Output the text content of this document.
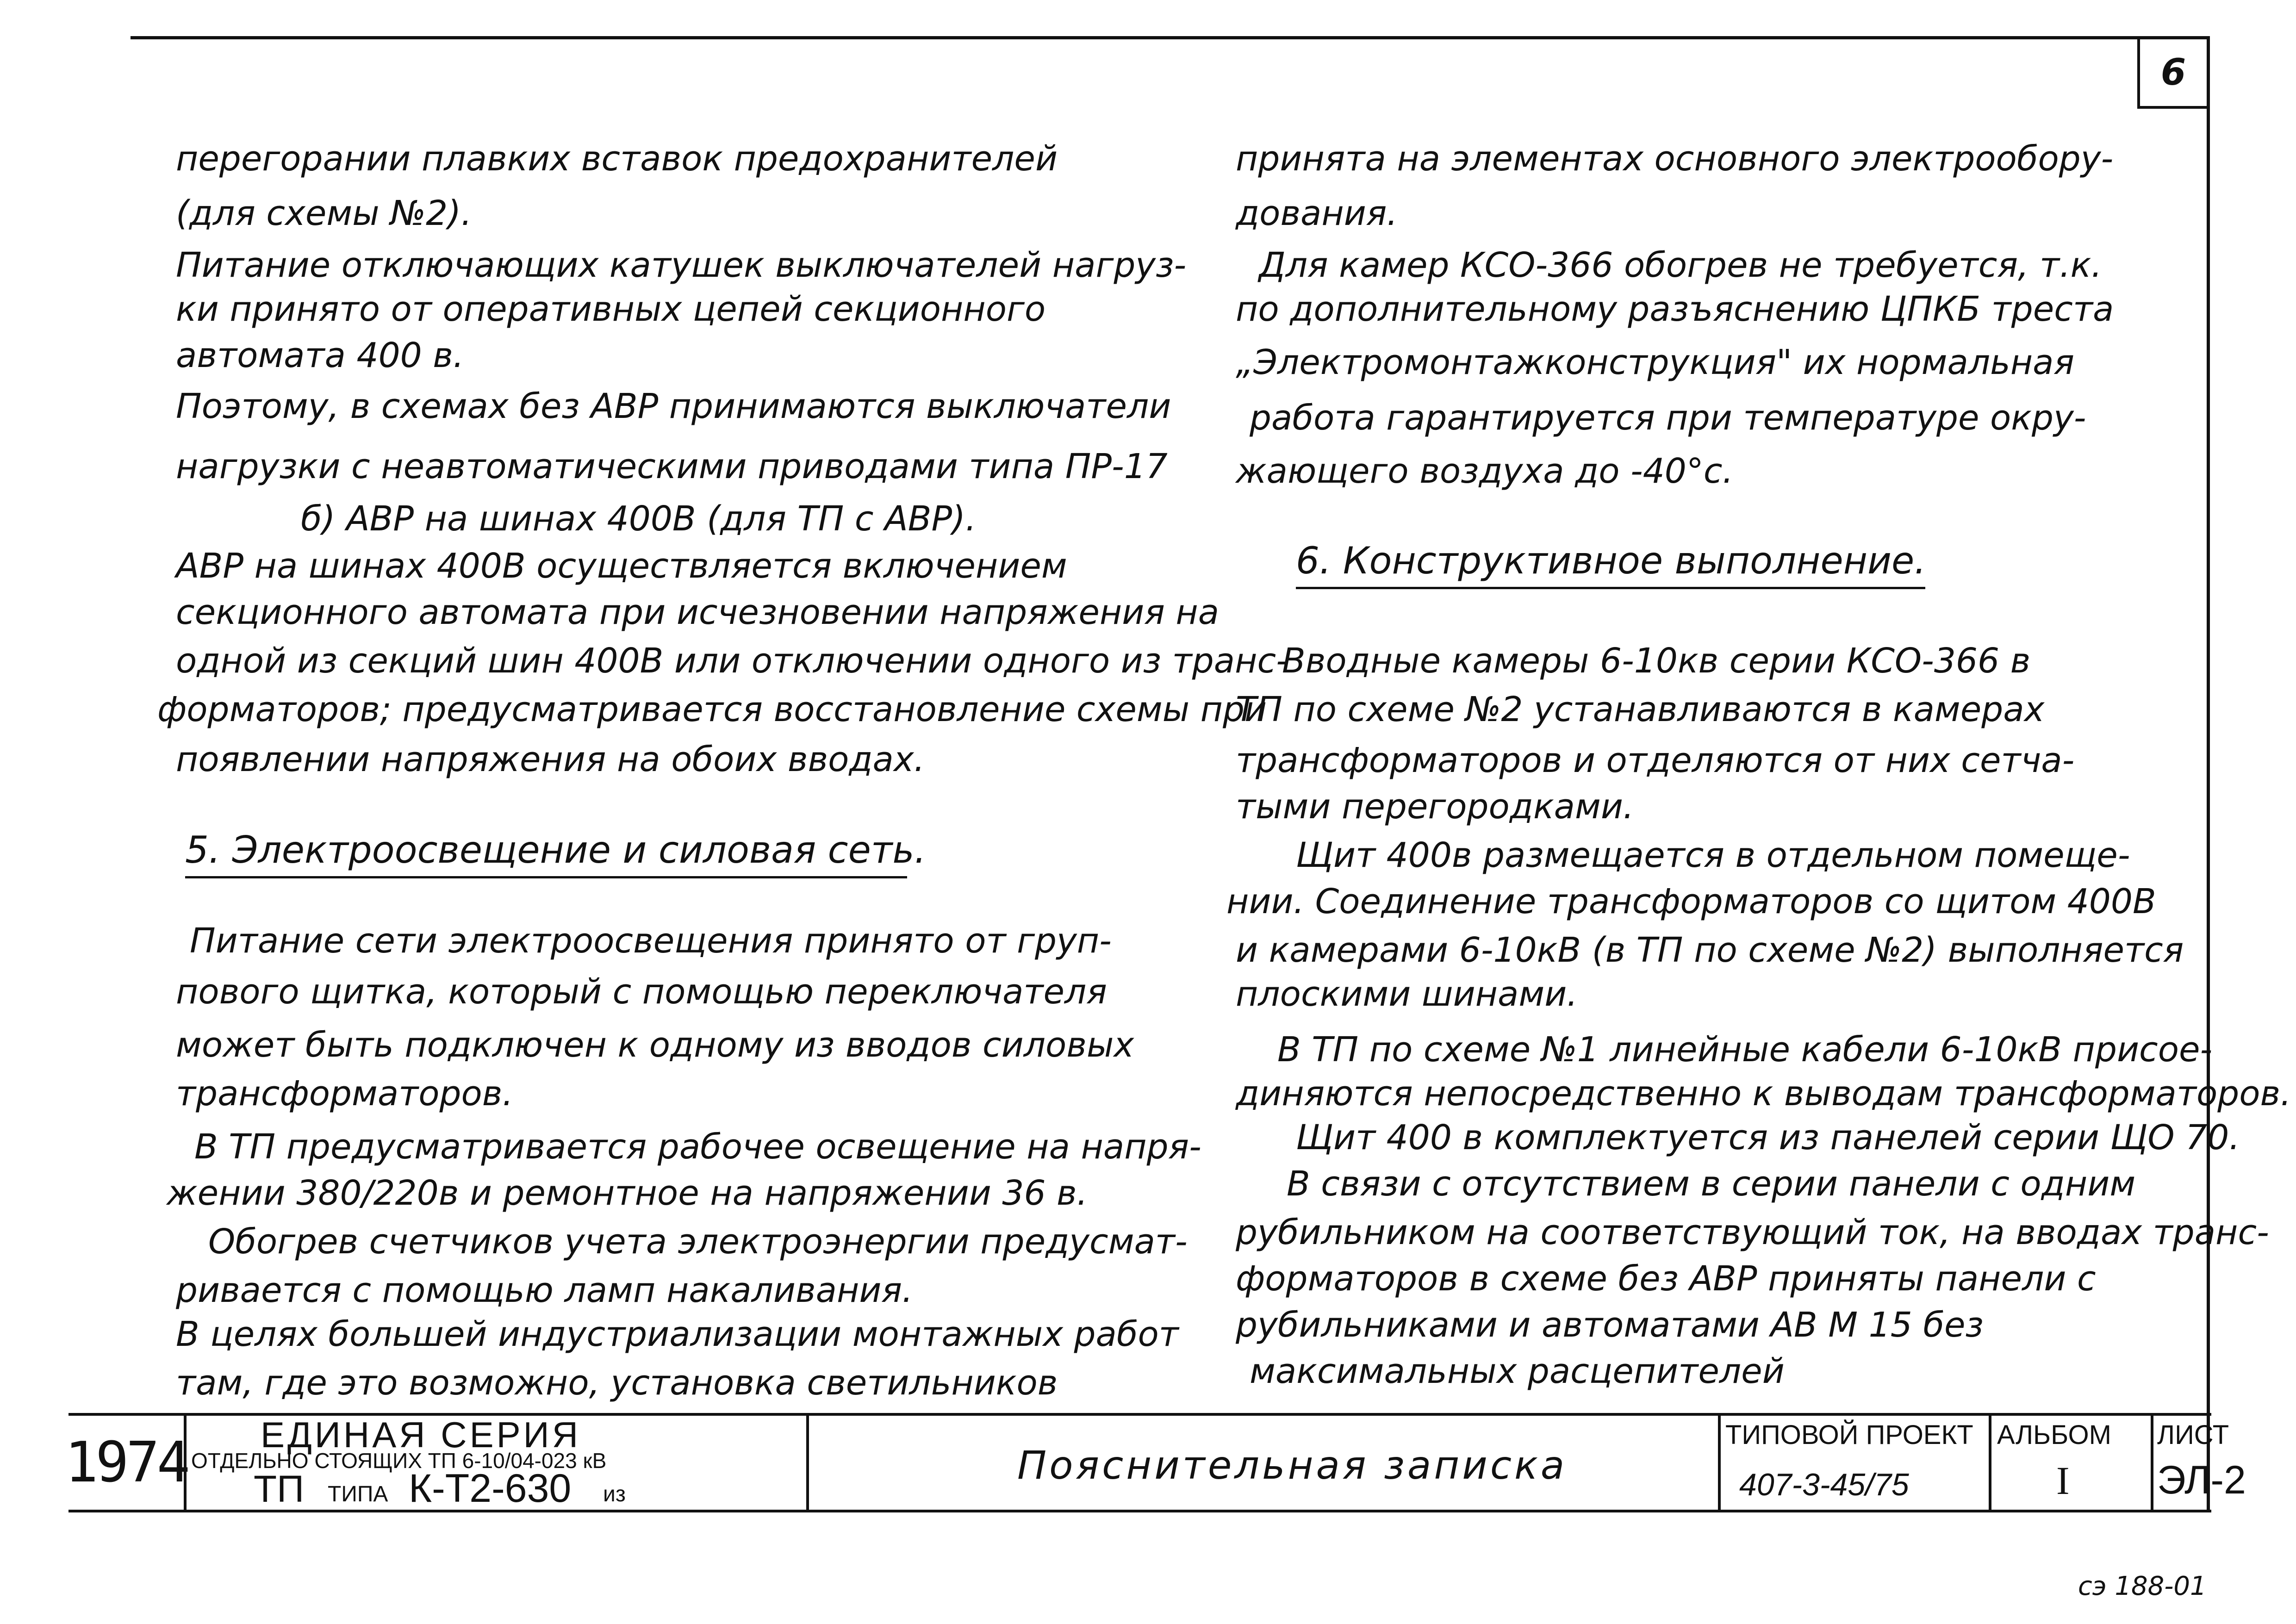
6
перегорании плавких вставок предохранителей
(для схемы №2).
Питание отключающих катушек выключателей нагруз-
ки принято от оперативных цепей секционного
автомата 400 в.
Поэтому, в схемах без АВР принимаются выключатели
нагрузки с неавтоматическими приводами типа ПР-17
б) АВР на шинах 400В (для ТП с АВР).
АВР на шинах 400В осуществляется включением
секционного автомата при исчезновении напряжения на
одной из секций шин 400В или отключении одного из транс-
форматоров; предусматривается восстановление схемы при
появлении напряжения на обоих вводах.
5. Электроосвещение и силовая сеть.
Питание сети электроосвещения принято от груп-
пового щитка, который с помощью переключателя
может быть подключен к одному из вводов силовых
трансформаторов.
В ТП предусматривается рабочее освещение на напря-
жении 380/220в и ремонтное на напряжении 36 в.
Обогрев счетчиков учета электроэнергии предусмат-
ривается с помощью ламп накаливания.
В целях большей индустриализации монтажных работ
там, где это возможно, установка светильников
принята на элементах основного электрообору-
дования.
Для камер КСО-366 обогрев не требуется, т.к.
по дополнительному разъяснению ЦПКБ треста
„Электромонтажконструкция" их нормальная
работа гарантируется при температуре окру-
жающего воздуха до -40°с.
6. Конструктивное выполнение.
Вводные камеры 6-10кв серии КСО-366 в
ТП по схеме №2 устанавливаются в камерах
трансформаторов и отделяются от них сетча-
тыми перегородками.
Щит 400в размещается в отдельном помеще-
нии. Соединение трансформаторов со щитом 400В
и камерами 6-10кВ (в ТП по схеме №2) выполняется
плоскими шинами.
В ТП по схеме №1 линейные кабели 6-10кВ присое-
диняются непосредственно к выводам трансформаторов.
Щит 400 в комплектуется из панелей серии ЩО 70.
В связи с отсутствием в серии панели с одним
рубильником на соответствующий ток, на вводах транс-
форматоров в схеме без АВР приняты панели с
рубильниками и автоматами АВ М 15 без
максимальных расцепителей
1974 ЕДИНАЯ СЕРИЯ
ОТДЕЛЬНО СТОЯЩИХ ТП 6-10/04-023 кВ
ТП ТИПА К-Т2-630 из
Пояснительная записка
ТИПОВОЙ ПРОЕКТ
407-3-45/75
АЛЬБОМ
I
ЛИСТ
ЭЛ-2
сэ 188-01
